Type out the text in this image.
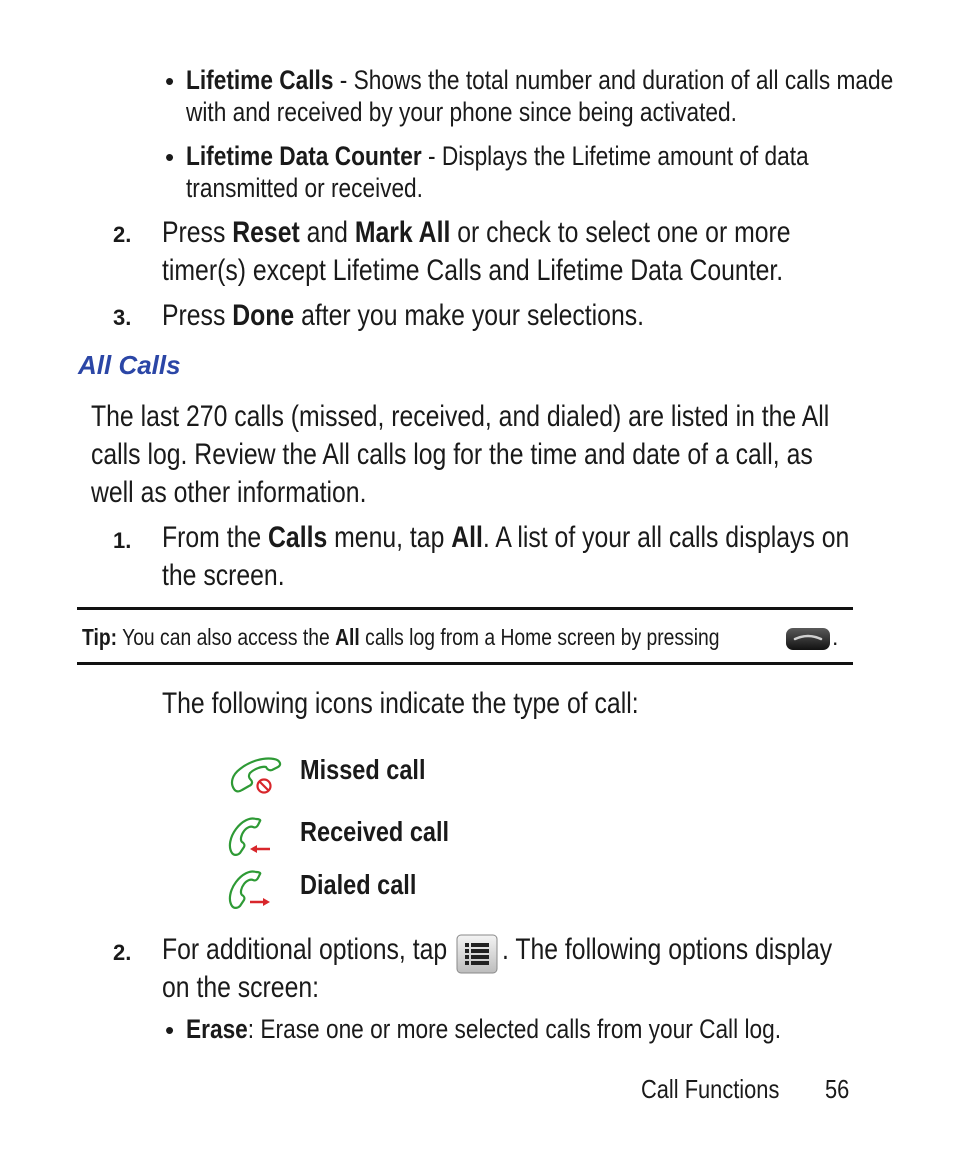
• Lifetime Calls - Shows the total number and duration of all calls made
with and received by your phone since being activated.
• Lifetime Data Counter - Displays the Lifetime amount of data
transmitted or received.
2. Press Reset and Mark All or check to select one or more
timer(s) except Lifetime Calls and Lifetime Data Counter.
3. Press Done after you make your selections.
All Calls
The last 270 calls (missed, received, and dialed) are listed in the All
calls log. Review the All calls log for the time and date of a call, as
well as other information.
1. From the Calls menu, tap All. A list of your all calls displays on
the screen.
Tip: You can also access the All calls log from a Home screen by pressing	.
The following icons indicate the type of call:
Missed call
Received call
Dialed call
2. For additional options, tap	. The following options display
on the screen:
• Erase: Erase one or more selected calls from your Call log.
Call Functions	56
